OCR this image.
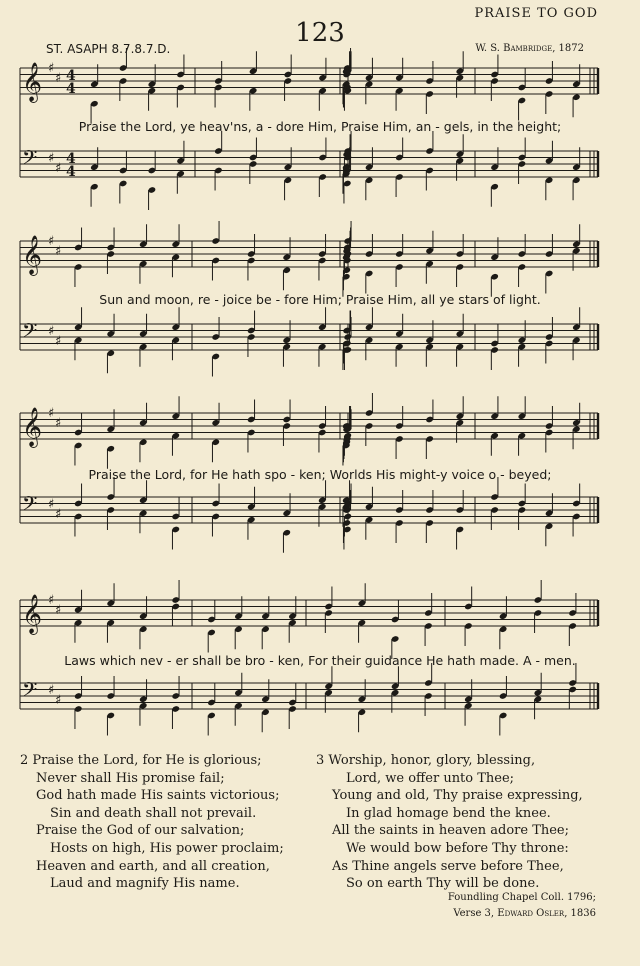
PRAISE TO GOD
123
ST. ASAPH 8.7.8.7.D.	W. S. Bambridge, 1872
𝄞 ♯
♯ 4
4
𝄢 ♯
♯
4
4
𝄞 ♯
♯
𝄢 ♯
♯
𝄞 ♯
♯
𝄢 ♯
♯
𝄞 ♯
♯
𝄢 ♯
♯
Praise the Lord, ye heav'ns, a - dore Him, Praise Him, an - gels, in the height;
Sun and moon, re - joice be - fore Him; Praise Him, all ye stars of light.
Praise the Lord, for He hath spo - ken; Worlds His might-y voice o - beyed;
Laws which nev - er shall be bro - ken, For their guidance He hath made. A - men.
2 Praise the Lord, for He is glorious;
Never shall His promise fail;
God hath made His saints victorious;
Sin and death shall not prevail.
Praise the God of our salvation;
Hosts on high, His power proclaim;
Heaven and earth, and all creation,
Laud and magnify His name.
3 Worship, honor, glory, blessing,
Lord, we offer unto Thee;
Young and old, Thy praise expressing,
In glad homage bend the knee.
All the saints in heaven adore Thee;
We would bow before Thy throne:
As Thine angels serve before Thee,
So on earth Thy will be done.
Foundling Chapel Coll. 1796;
Verse 3, Edward Osler, 1836
